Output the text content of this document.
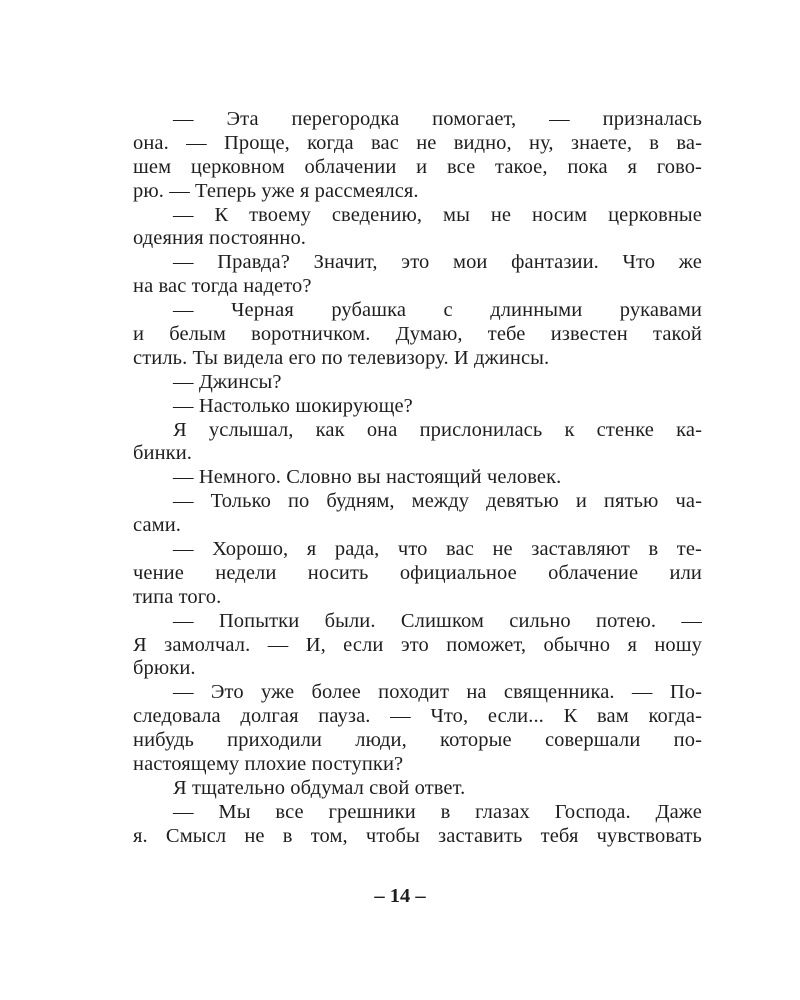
— Эта перегородка помогает, — призналась
она. — Проще, когда вас не видно, ну, знаете, в ва-
шем церковном облачении и все такое, пока я гово-
рю. — Теперь уже я рассмеялся.
— К твоему сведению, мы не носим церковные
одеяния постоянно.
— Правда? Значит, это мои фантазии. Что же
на вас тогда надето?
— Черная рубашка с длинными рукавами
и белым воротничком. Думаю, тебе известен такой
стиль. Ты видела его по телевизору. И джинсы.
— Джинсы?
— Настолько шокирующе?
Я услышал, как она прислонилась к стенке ка-
бинки.
— Немного. Словно вы настоящий человек.
— Только по будням, между девятью и пятью ча-
сами.
— Хорошо, я рада, что вас не заставляют в те-
чение недели носить официальное облачение или
типа того.
— Попытки были. Слишком сильно потею. —
Я замолчал. — И, если это поможет, обычно я ношу
брюки.
— Это уже более походит на священника. — По-
следовала долгая пауза. — Что, если... К вам когда-
нибудь приходили люди, которые совершали по-
настоящему плохие поступки?
Я тщательно обдумал свой ответ.
— Мы все грешники в глазах Господа. Даже
я. Смысл не в том, чтобы заставить тебя чувствовать
– 14 –
